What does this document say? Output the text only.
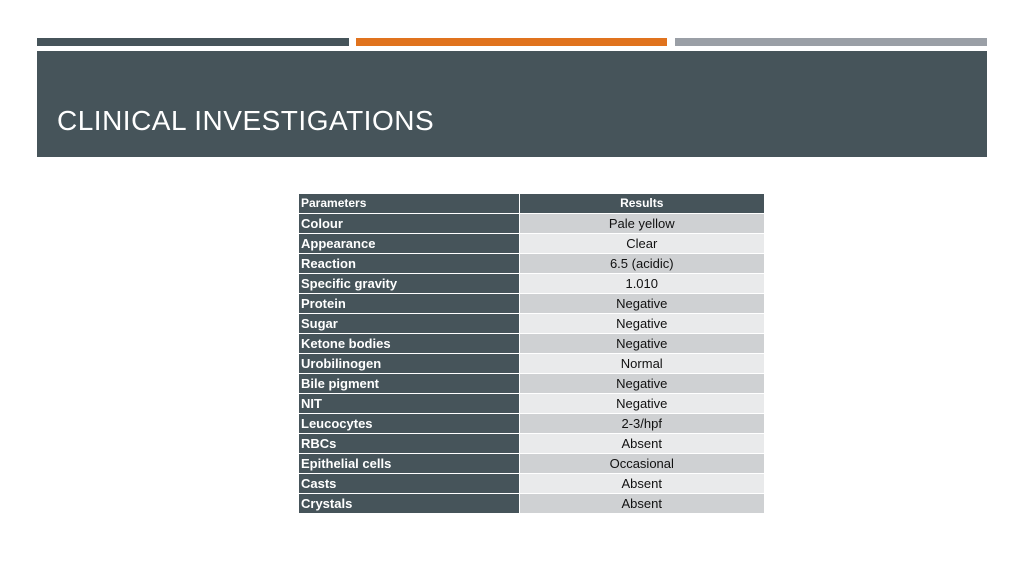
CLINICAL INVESTIGATIONS
Parameters	Results
Colour	Pale yellow
Appearance	Clear
Reaction	6.5 (acidic)
Specific gravity	1.010
Protein	Negative
Sugar	Negative
Ketone bodies	Negative
Urobilinogen	Normal
Bile pigment	Negative
NIT	Negative
Leucocytes	2-3/hpf
RBCs	Absent
Epithelial cells	Occasional
Casts	Absent
Crystals	Absent
